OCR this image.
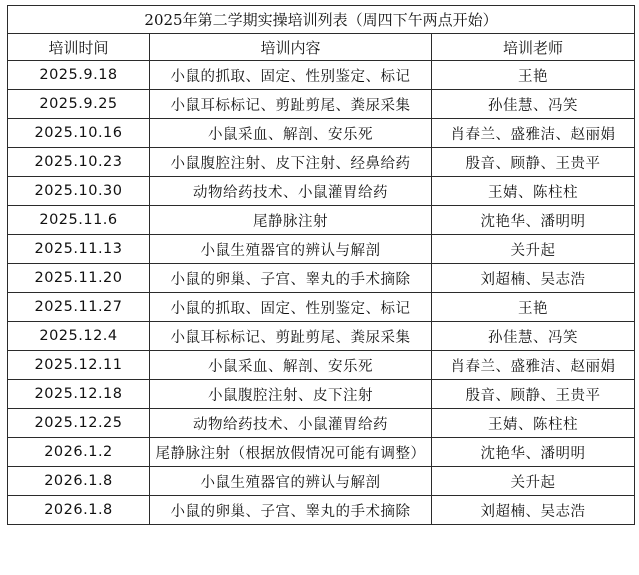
2025年第二学期实操培训列表（周四下午两点开始）		
培训时间	培训内容	培训老师
2025.9.18	小鼠的抓取、固定、性别鉴定、标记	王艳
2025.9.25	小鼠耳标标记、剪趾剪尾、粪尿采集	孙佳慧、冯笑
2025.10.16	小鼠采血、解剖、安乐死	肖春兰、盛雅洁、赵丽娟
2025.10.23	小鼠腹腔注射、皮下注射、经鼻给药	殷音、顾静、王贵平
2025.10.30	动物给药技术、小鼠灌胃给药	王婧、陈柱柱
2025.11.6	尾静脉注射	沈艳华、潘明明
2025.11.13	小鼠生殖器官的辨认与解剖	关升起
2025.11.20	小鼠的卵巢、子宫、睾丸的手术摘除	刘超楠、吴志浩
2025.11.27	小鼠的抓取、固定、性别鉴定、标记	王艳
2025.12.4	小鼠耳标标记、剪趾剪尾、粪尿采集	孙佳慧、冯笑
2025.12.11	小鼠采血、解剖、安乐死	肖春兰、盛雅洁、赵丽娟
2025.12.18	小鼠腹腔注射、皮下注射	殷音、顾静、王贵平
2025.12.25	动物给药技术、小鼠灌胃给药	王婧、陈柱柱
2026.1.2	尾静脉注射（根据放假情况可能有调整）	沈艳华、潘明明
2026.1.8	小鼠生殖器官的辨认与解剖	关升起
2026.1.8	小鼠的卵巢、子宫、睾丸的手术摘除	刘超楠、吴志浩
